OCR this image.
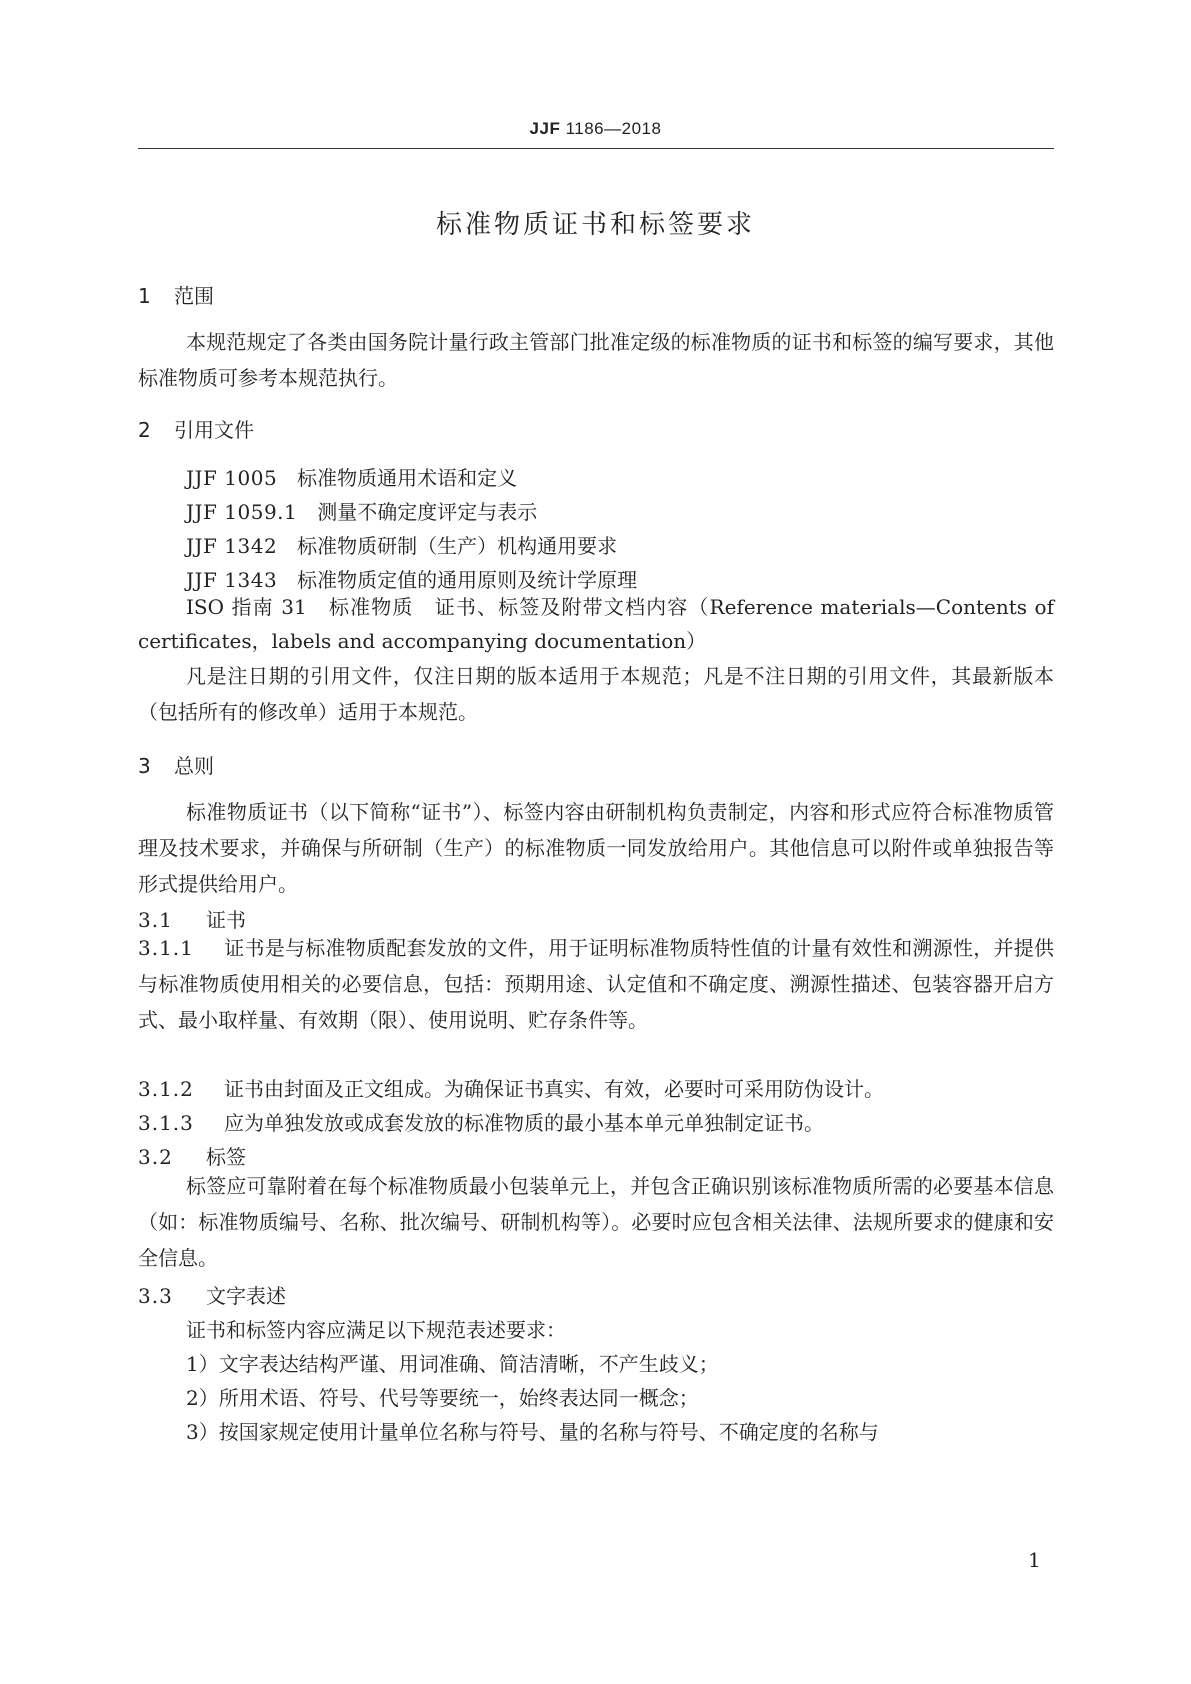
JJF 1186—2018
标准物质证书和标签要求
1 范围
本规范规定了各类由国务院计量行政主管部门批准定级的标准物质的证书和标签的编写要求，其他标准物质可参考本规范执行。
2 引用文件
JJF 1005　 标准物质通用术语和定义
JJF 1059.1　 测量不确定度评定与表示
JJF 1342　 标准物质研制（生产）机构通用要求
JJF 1343　 标准物质定值的通用原则及统计学原理
ISO 指南 31　标准物质　证书、标签及附带文档内容（Reference materials—Contents of certificates，labels and accompanying documentation）
凡是注日期的引用文件，仅注日期的版本适用于本规范；凡是不注日期的引用文件，其最新版本（包括所有的修改单）适用于本规范。
3 总则
标准物质证书（以下简称“证书”）、标签内容由研制机构负责制定，内容和形式应符合标准物质管理及技术要求，并确保与所研制（生产）的标准物质一同发放给用户。其他信息可以附件或单独报告等形式提供给用户。
3.1 证书
3.1.1 证书是与标准物质配套发放的文件，用于证明标准物质特性值的计量有效性和溯源性，并提供与标准物质使用相关的必要信息，包括：预期用途、认定值和不确定度、溯源性描述、包装容器开启方式、最小取样量、有效期（限）、使用说明、贮存条件等。
3.1.2 证书由封面及正文组成。为确保证书真实、有效，必要时可采用防伪设计。
3.1.3 应为单独发放或成套发放的标准物质的最小基本单元单独制定证书。
3.2 标签
标签应可靠附着在每个标准物质最小包装单元上，并包含正确识别该标准物质所需的必要基本信息（如：标准物质编号、名称、批次编号、研制机构等）。必要时应包含相关法律、法规所要求的健康和安全信息。
3.3 文字表述
证书和标签内容应满足以下规范表述要求：
1）文字表达结构严谨、用词准确、简洁清晰，不产生歧义；
2）所用术语、符号、代号等要统一，始终表达同一概念；
3）按国家规定使用计量单位名称与符号、量的名称与符号、不确定度的名称与
1
